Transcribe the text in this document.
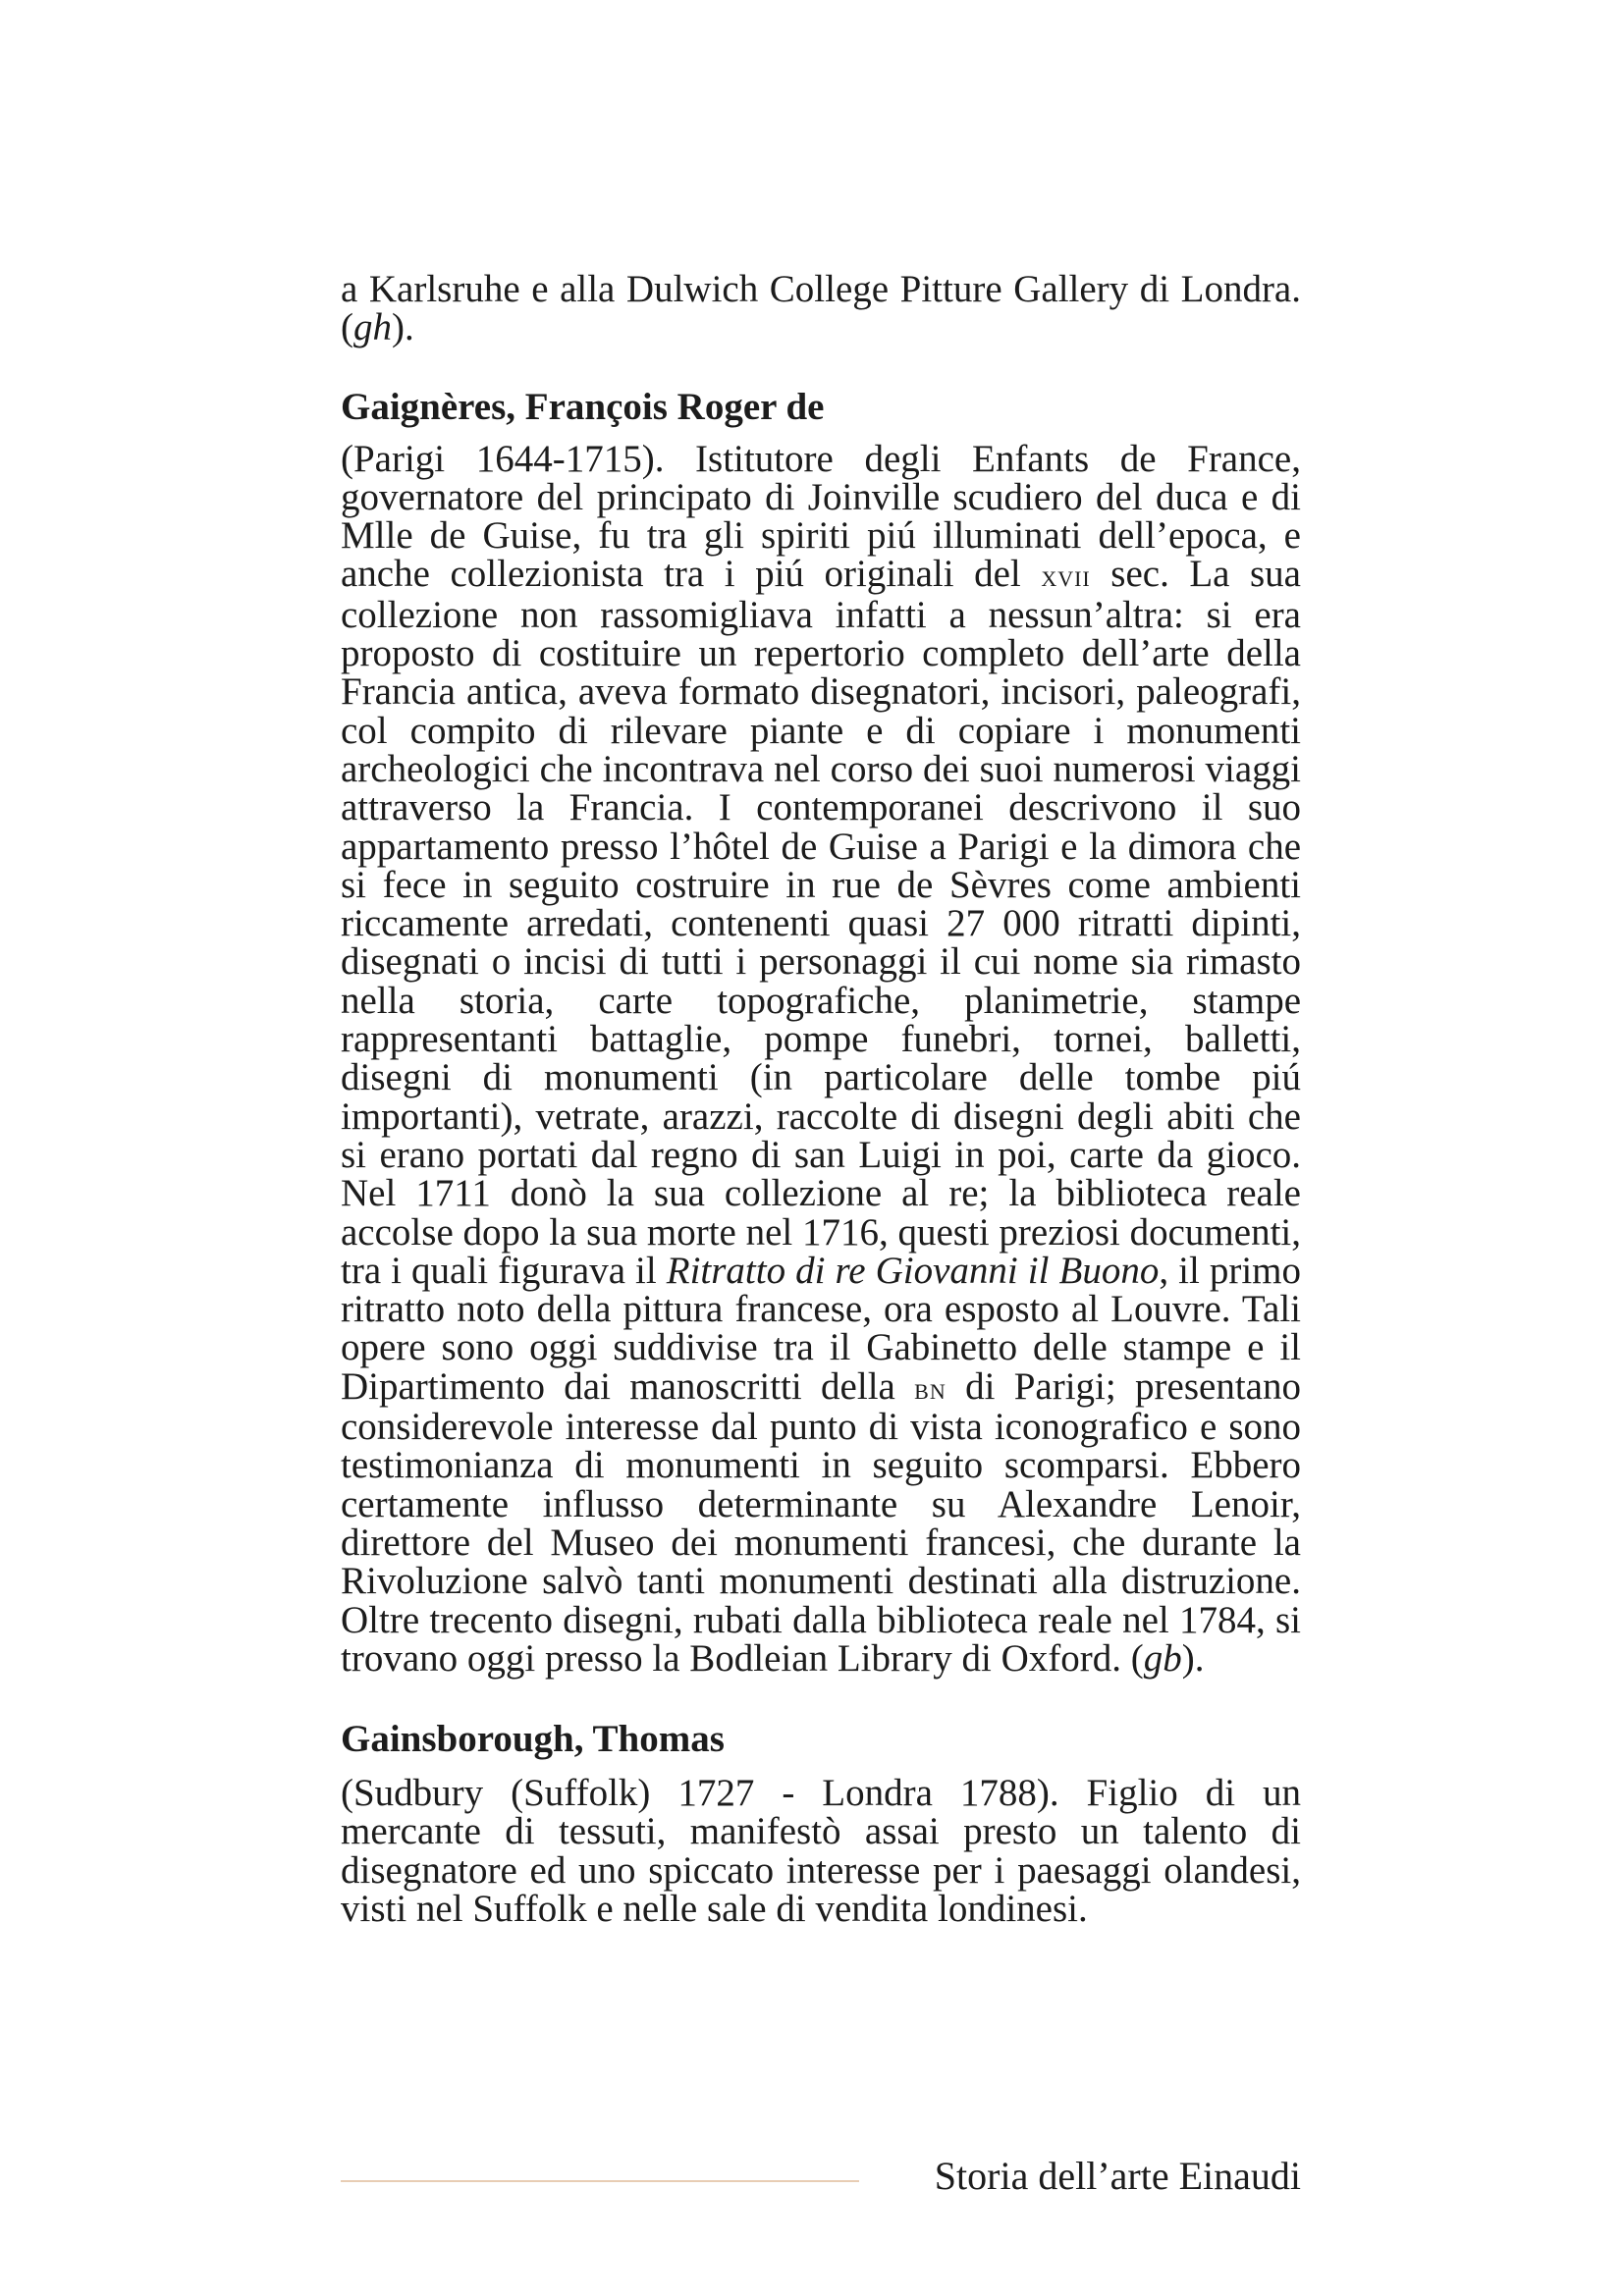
a Karlsruhe e alla Dulwich College Pitture Gallery di Londra. (gh).

Gaignères, François Roger de

(Parigi 1644-1715). Istitutore degli Enfants de France, governatore del principato di Joinville scudiero del duca e di Mlle de Guise, fu tra gli spiriti piú illuminati dell’epoca, e anche collezionista tra i piú originali del xvii sec. La sua collezione non rassomigliava infatti a nessun’altra: si era proposto di costituire un repertorio completo dell’arte della Francia antica, aveva formato disegnatori, incisori, paleografi, col compito di rilevare piante e di copiare i monumenti archeologici che incontrava nel corso dei suoi numerosi viaggi attraverso la Francia. I contemporanei descrivono il suo appartamento presso l’hôtel de Guise a Parigi e la dimora che si fece in seguito costruire in rue de Sèvres come ambienti riccamente arredati, contenenti quasi 27 000 ritratti dipinti, disegnati o incisi di tutti i personaggi il cui nome sia rimasto nella storia, carte topografiche, planimetrie, stampe rappresentanti battaglie, pompe funebri, tornei, balletti, disegni di monumenti (in particolare delle tombe piú importanti), vetrate, arazzi, raccolte di disegni degli abiti che si erano portati dal regno di san Luigi in poi, carte da gioco. Nel 1711 donò la sua collezione al re; la biblioteca reale accolse dopo la sua morte nel 1716, questi preziosi documenti, tra i quali figurava il Ritratto di re Giovanni il Buono, il primo ritratto noto della pittura francese, ora esposto al Louvre. Tali opere sono oggi suddivise tra il Gabinetto delle stampe e il Dipartimento dai manoscritti della bn di Parigi; presentano considerevole interesse dal punto di vista iconografico e sono testimonianza di monumenti in seguito scomparsi. Ebbero certamente influsso determinante su Alexandre Lenoir, direttore del Museo dei monumenti francesi, che durante la Rivoluzione salvò tanti monumenti destinati alla distruzione. Oltre trecento disegni, rubati dalla biblioteca reale nel 1784, si trovano oggi presso la Bodleian Library di Oxford. (gb).

Gainsborough, Thomas

(Sudbury (Suffolk) 1727 - Londra 1788). Figlio di un mercante di tessuti, manifestò assai presto un talento di disegnatore ed uno spiccato interesse per i paesaggi olandesi, visti nel Suffolk e nelle sale di vendita londinesi.

Storia dell’arte Einaudi
